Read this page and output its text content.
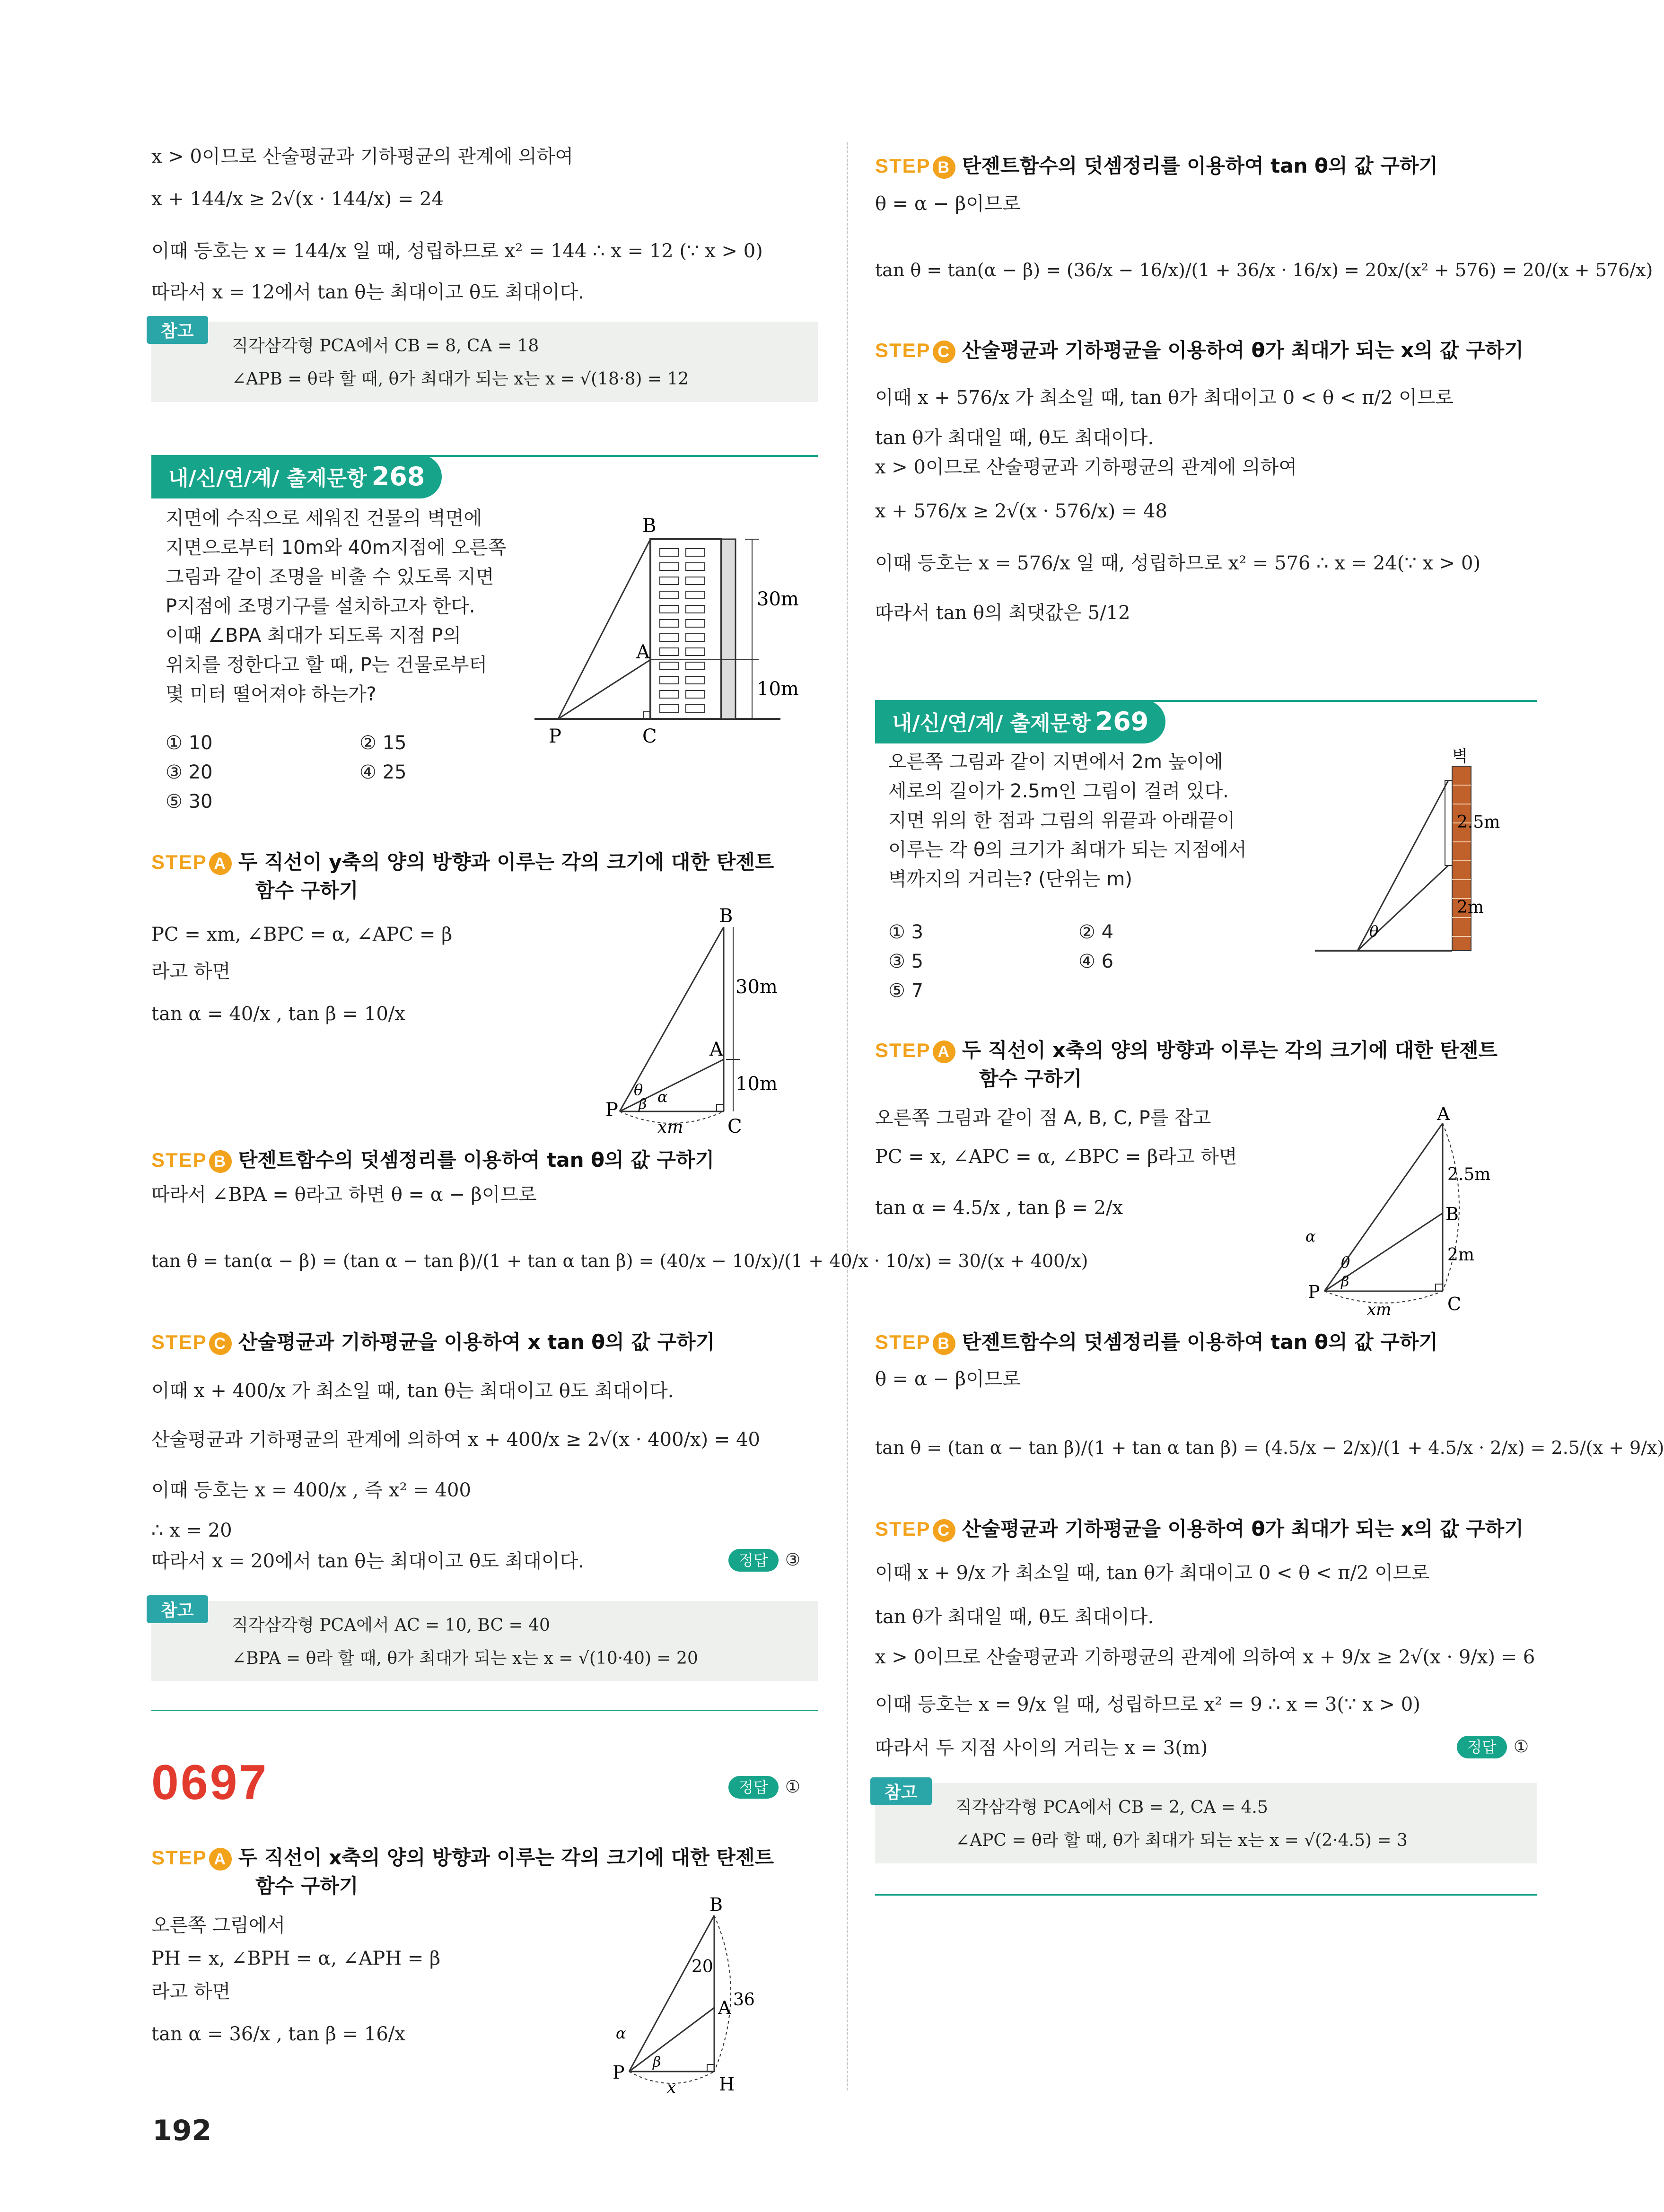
x > 0이므로 산술평균과 기하평균의 관계에 의하여
x + 144/x ≥ 2√(x · 144/x) = 24
이때 등호는 x = 144/x 일 때, 성립하므로 x² = 144 ∴ x = 12 (∵ x > 0)
따라서 x = 12에서 tan θ는 최대이고 θ도 최대이다.
참고
직각삼각형 PCA에서 CB = 8, CA = 18
∠APB = θ라 할 때, θ가 최대가 되는 x는 x = √(18·8) = 12
내/신/연/계/ 출제문항 268
지면에 수직으로 세워진 건물의 벽면에
지면으로부터 10m와 40m지점에 오른쪽
그림과 같이 조명을 비출 수 있도록 지면
P지점에 조명기구를 설치하고자 한다.
이때 ∠BPA 최대가 되도록 지점 P의
위치를 정한다고 할 때, P는 건물로부터
몇 미터 떨어져야 하는가?
① 10	② 15
③ 20	④ 25
⑤ 30
B
A
P	C
30m
10m
STEP A 두 직선이 y축의 양의 방향과 이루는 각의 크기에 대한 탄젠트
함수 구하기
PC = xm, ∠BPC = α, ∠APC = β
라고 하면
tan α = 40/x , tan β = 10/x
B
A
P
C
30m
10m
xm
θ
β α
STEP B 탄젠트함수의 덧셈정리를 이용하여 tan θ의 값 구하기
따라서 ∠BPA = θ라고 하면 θ = α − β이므로
tan θ = tan(α − β) = (tan α − tan β)/(1 + tan α tan β) = (40/x − 10/x)/(1 + 40/x · 10/x) = 30/(x + 400/x)
STEP C 산술평균과 기하평균을 이용하여 x tan θ의 값 구하기
이때 x + 400/x 가 최소일 때, tan θ는 최대이고 θ도 최대이다.
산술평균과 기하평균의 관계에 의하여 x + 400/x ≥ 2√(x · 400/x) = 40
이때 등호는 x = 400/x , 즉 x² = 400
∴ x = 20
따라서 x = 20에서 tan θ는 최대이고 θ도 최대이다.	정답 ③
참고
직각삼각형 PCA에서 AC = 10, BC = 40
∠BPA = θ라 할 때, θ가 최대가 되는 x는 x = √(10·40) = 20
0697	정답 ①
STEP A 두 직선이 x축의 양의 방향과 이루는 각의 크기에 대한 탄젠트
함수 구하기
오른쪽 그림에서
PH = x, ∠BPH = α, ∠APH = β
라고 하면
tan α = 36/x , tan β = 16/x
B
A
P
H
20
36
x
α
β
STEP B 탄젠트함수의 덧셈정리를 이용하여 tan θ의 값 구하기
θ = α − β이므로
tan θ = tan(α − β) = (36/x − 16/x)/(1 + 36/x · 16/x) = 20x/(x² + 576) = 20/(x + 576/x)
STEP C 산술평균과 기하평균을 이용하여 θ가 최대가 되는 x의 값 구하기
이때 x + 576/x 가 최소일 때, tan θ가 최대이고 0 < θ < π/2 이므로
tan θ가 최대일 때, θ도 최대이다.
x > 0이므로 산술평균과 기하평균의 관계에 의하여
x + 576/x ≥ 2√(x · 576/x) = 48
이때 등호는 x = 576/x 일 때, 성립하므로 x² = 576 ∴ x = 24(∵ x > 0)
따라서 tan θ의 최댓값은 5/12
내/신/연/계/ 출제문항 269
오른쪽 그림과 같이 지면에서 2m 높이에
세로의 길이가 2.5m인 그림이 걸려 있다.
지면 위의 한 점과 그림의 위끝과 아래끝이
이루는 각 θ의 크기가 최대가 되는 지점에서
벽까지의 거리는? (단위는 m)
① 3	② 4
③ 5	④ 6
⑤ 7
벽
2.5m
2m
θ
STEP A 두 직선이 x축의 양의 방향과 이루는 각의 크기에 대한 탄젠트
함수 구하기
오른쪽 그림과 같이 점 A, B, C, P를 잡고
PC = x, ∠APC = α, ∠BPC = β라고 하면
tan α = 4.5/x , tan β = 2/x
A
B
C
P
2.5m
2m
xm
α
θ
β
STEP B 탄젠트함수의 덧셈정리를 이용하여 tan θ의 값 구하기
θ = α − β이므로
tan θ = (tan α − tan β)/(1 + tan α tan β) = (4.5/x − 2/x)/(1 + 4.5/x · 2/x) = 2.5/(x + 9/x)
STEP C 산술평균과 기하평균을 이용하여 θ가 최대가 되는 x의 값 구하기
이때 x + 9/x 가 최소일 때, tan θ가 최대이고 0 < θ < π/2 이므로
tan θ가 최대일 때, θ도 최대이다.
x > 0이므로 산술평균과 기하평균의 관계에 의하여 x + 9/x ≥ 2√(x · 9/x) = 6
이때 등호는 x = 9/x 일 때, 성립하므로 x² = 9 ∴ x = 3(∵ x > 0)
따라서 두 지점 사이의 거리는 x = 3(m)	정답 ①
참고
직각삼각형 PCA에서 CB = 2, CA = 4.5
∠APC = θ라 할 때, θ가 최대가 되는 x는 x = √(2·4.5) = 3
192
